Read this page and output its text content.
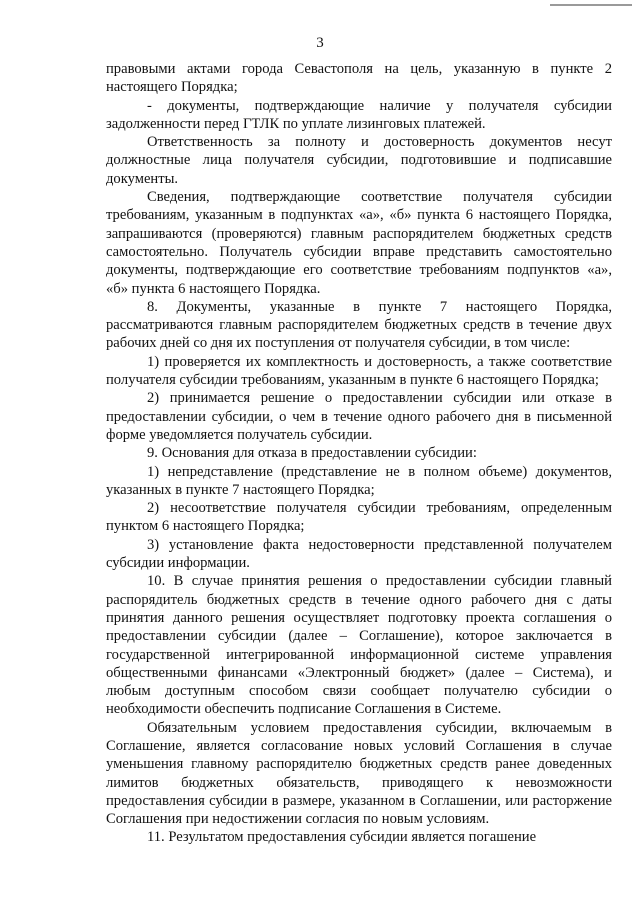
3

правовыми актами города Севастополя на цель, указанную в пункте 2 настоящего Порядка;

- документы, подтверждающие наличие у получателя субсидии задолженности перед ГТЛК по уплате лизинговых платежей.

Ответственность за полноту и достоверность документов несут должностные лица получателя субсидии, подготовившие и подписавшие документы.

Сведения, подтверждающие соответствие получателя субсидии требованиям, указанным в подпунктах «а», «б» пункта 6 настоящего Порядка, запрашиваются (проверяются) главным распорядителем бюджетных средств самостоятельно. Получатель субсидии вправе представить самостоятельно документы, подтверждающие его соответствие требованиям подпунктов «а», «б» пункта 6 настоящего Порядка.

8. Документы, указанные в пункте 7 настоящего Порядка, рассматриваются главным распорядителем бюджетных средств в течение двух рабочих дней со дня их поступления от получателя субсидии, в том числе:

1) проверяется их комплектность и достоверность, а также соответствие получателя субсидии требованиям, указанным в пункте 6 настоящего Порядка;

2) принимается решение о предоставлении субсидии или отказе в предоставлении субсидии, о чем в течение одного рабочего дня в письменной форме уведомляется получатель субсидии.

9. Основания для отказа в предоставлении субсидии:

1) непредставление (представление не в полном объеме) документов, указанных в пункте 7 настоящего Порядка;

2) несоответствие получателя субсидии требованиям, определенным пунктом 6 настоящего Порядка;

3) установление факта недостоверности представленной получателем субсидии информации.

10. В случае принятия решения о предоставлении субсидии главный распорядитель бюджетных средств в течение одного рабочего дня с даты принятия данного решения осуществляет подготовку проекта соглашения о предоставлении субсидии (далее – Соглашение), которое заключается в государственной интегрированной информационной системе управления общественными финансами «Электронный бюджет» (далее – Система), и любым доступным способом связи сообщает получателю субсидии о необходимости обеспечить подписание Соглашения в Системе.

Обязательным условием предоставления субсидии, включаемым в Соглашение, является согласование новых условий Соглашения в случае уменьшения главному распорядителю бюджетных средств ранее доведенных лимитов бюджетных обязательств, приводящего к невозможности предоставления субсидии в размере, указанном в Соглашении, или расторжение Соглашения при недостижении согласия по новым условиям.

11. Результатом предоставления субсидии является погашение
